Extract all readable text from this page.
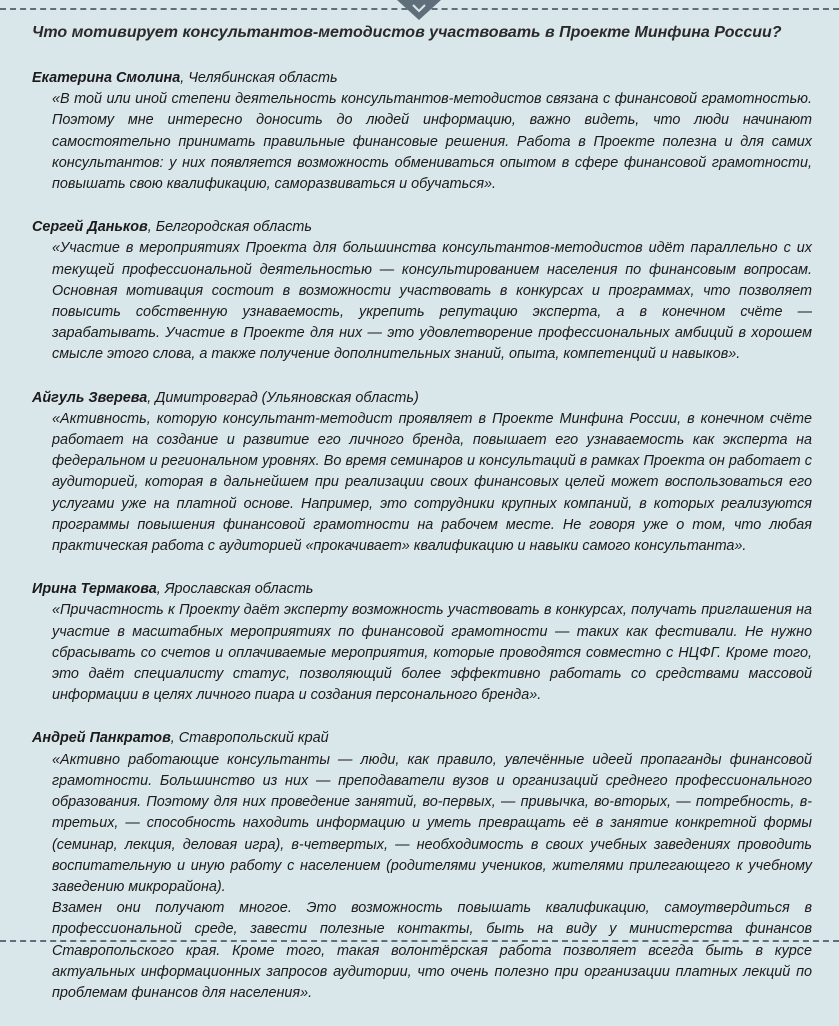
Что мотивирует консультантов-методистов участвовать в Проекте Минфина России?

Екатерина Смолина, Челябинская область

«В той или иной степени деятельность консультантов-методистов связана с финансовой грамотностью. Поэтому мне интересно доносить до людей информацию, важно видеть, что люди начинают самостоятельно принимать правильные финансовые решения. Работа в Проекте полезна и для самих консультантов: у них появляется возможность обмениваться опытом в сфере финансовой грамотности, повышать свою квалификацию, саморазвиваться и обучаться».

Сергей Даньков, Белгородская область

«Участие в мероприятиях Проекта для большинства консультантов-методистов идёт параллельно с их текущей профессиональной деятельностью — консультированием населения по финансовым вопросам. Основная мотивация состоит в возможности участвовать в конкурсах и программах, что позволяет повысить собственную узнаваемость, укрепить репутацию эксперта, а в конечном счёте — зарабатывать. Участие в Проекте для них — это удовлетворение профессиональных амбиций в хорошем смысле этого слова, а также получение дополнительных знаний, опыта, компетенций и навыков».

Айгуль Зверева, Димитровград (Ульяновская область)

«Активность, которую консультант-методист проявляет в Проекте Минфина России, в конечном счёте работает на создание и развитие его личного бренда, повышает его узнаваемость как эксперта на федеральном и региональном уровнях. Во время семинаров и консультаций в рамках Проекта он работает с аудиторией, которая в дальнейшем при реализации своих финансовых целей может воспользоваться его услугами уже на платной основе. Например, это сотрудники крупных компаний, в которых реализуются программы повышения финансовой грамотности на рабочем месте. Не говоря уже о том, что любая практическая работа с аудиторией «прокачивает» квалификацию и навыки самого консультанта».

Ирина Термакова, Ярославская область

«Причастность к Проекту даёт эксперту возможность участвовать в конкурсах, получать приглашения на участие в масштабных мероприятиях по финансовой грамотности — таких как фестивали. Не нужно сбрасывать со счетов и оплачиваемые мероприятия, которые проводятся совместно с НЦФГ. Кроме того, это даёт специалисту статус, позволяющий более эффективно работать со средствами массовой информации в целях личного пиара и создания персонального бренда».

Андрей Панкратов, Ставропольский край

«Активно работающие консультанты — люди, как правило, увлечённые идеей пропаганды финансовой грамотности. Большинство из них — преподаватели вузов и организаций среднего профессионального образования. Поэтому для них проведение занятий, во-первых, — привычка, во-вторых, — потребность, в-третьих, — способность находить информацию и уметь превращать её в занятие конкретной формы (семинар, лекция, деловая игра), в-четвертых, — необходимость в своих учебных заведениях проводить воспитательную и иную работу с населением (родителями учеников, жителями прилегающего к учебному заведению микрорайона).

Взамен они получают многое. Это возможность повышать квалификацию, самоутвердиться в профессиональной среде, завести полезные контакты, быть на виду у министерства финансов Ставропольского края. Кроме того, такая волонтёрская работа позволяет всегда быть в курсе актуальных информационных запросов аудитории, что очень полезно при организации платных лекций по проблемам финансов для населения».
